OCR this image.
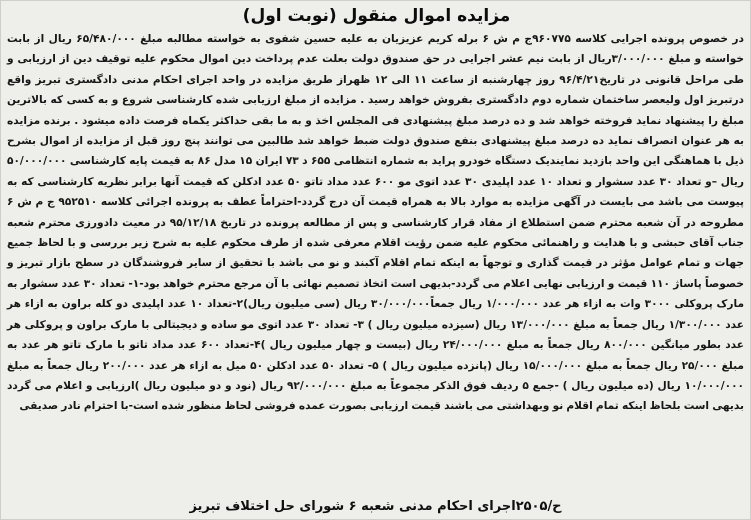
مزایده اموال منقول (نوبت اول)
در خصوص پرونده اجرایی کلاسه ۹۶۰۷۷۵ج م ش ۶ برله کریم عزیزیان به علیه حسین شفوی به خواسته مطالبه مبلغ ۶۵/۴۸۰/۰۰۰ ریال از بابت خواسته و مبلغ ۳/۰۰۰/۰۰۰ریال از بابت نیم عشر اجرایی در حق صندوق دولت بعلت عدم پرداخت دین اموال محکوم علیه توقیف دین از ارزیابی و طی مراحل قانونی در تاریخ۹۶/۴/۲۱ روز چهارشنبه از ساعت ۱۱ الی ۱۲ ظهراز طریق مزایده در واحد اجرای احکام مدنی دادگستری تبریز واقع درتبریز اول ولیعصر ساختمان شماره دوم دادگستری بفروش خواهد رسید . مزایده از مبلغ ارزیابی شده کارشناسی شروع و به کسی که بالاترین مبلغ را پیشنهاد نماید فروخته خواهد شد و ده درصد مبلغ پیشنهادی فی المجلس اخذ و به ما بقی حداکثر یکماه فرصت داده میشود . برنده مزایده به هر عنوان انصراف نماید ده درصد مبلغ پیشنهادی بنفع صندوق دولت ضبط خواهد شد طالبین می توانند پنج روز قبل از مزایده از اموال بشرح ذیل با هماهنگی این واحد بازدید نمایندیک دستگاه خودرو پراید به شماره انتظامی ۶۵۵ د ۷۳ ایران ۱۵ مدل ۸۶ به قیمت پایه کارشناسی ۵۰/۰۰۰/۰۰۰ ریال –و تعداد ۳۰ عدد سشوار و تعداد ۱۰ عدد اپلیدی ۳۰ عدد اتوی مو ۶۰۰ عدد مداد تاتو ۵۰ عدد ادکلن که قیمت آنها برابر نظریه کارشناسی که به پیوست می باشد می بایست در آگهی مزایده به موارد بالا به همراه قیمت آن درج گردد-احتراماً عطف به پرونده اجرائی کلاسه ۹۵۲۵۱۰ ج م ش ۶ مطروحه در آن شعبه محترم ضمن استطلاع از مفاد قرار کارشناسی و پس از مطالعه پرونده در تاریخ ۹۵/۱۲/۱۸ در معیت دادورزی محترم شعبه جناب آقای حبشی و با هدایت و راهنمائی محکوم علیه ضمن رؤیت اقلام معرفی شده از طرف محکوم علیه به شرح زیر بررسی و با لحاظ جمیع جهات و تمام عوامل مؤثر در قیمت گذاری و توجهاً به اینکه تمام اقلام آکبند و نو می باشد با تحقیق از سایر فروشندگان در سطح بازار تبریز و خصوصاً پاساژ ۱۱۰ قیمت و ارزیابی نهایی اعلام می گردد-بدیهی است اتخاذ تصمیم نهائی با آن مرجع محترم خواهد بود-۱- تعداد ۳۰ عدد سشوار به مارک پروکلی ۳۰۰۰ وات به ازاء هر عدد ۱/۰۰۰/۰۰۰ ریال جمعاً۳۰/۰۰۰/۰۰۰ ریال (سی میلیون ریال)۲-تعداد ۱۰ عدد اپلیدی دو کله براون به ازاء هر عدد ۱/۳۰۰/۰۰۰ ریال جمعاً به مبلغ ۱۳/۰۰۰/۰۰۰ ریال (سیزده میلیون ریال ) ۳- تعداد ۳۰ عدد اتوی مو ساده و دیجیتالی با مارک براون و پروکلی هر عدد بطور میانگین ۸۰۰/۰۰۰ ریال جمعاً به مبلغ ۲۴/۰۰۰/۰۰۰ ریال (بیست و چهار میلیون ریال )۴-تعداد ۶۰۰ عدد مداد تاتو با مارک تاتو هر عدد به مبلغ ۲۵/۰۰۰ ریال جمعاً به مبلغ ۱۵/۰۰۰/۰۰۰ ریال (پانزده میلیون ریال ) ۵- تعداد ۵۰ عدد ادکلن ۵۰ میل به ازاء هر عدد ۲۰۰/۰۰۰ ریال جمعاً به مبلغ ۱۰/۰۰۰/۰۰۰ ریال (ده میلیون ریال ) -جمع ۵ ردیف فوق الذکر مجموعاً به مبلغ ۹۲/۰۰۰/۰۰۰ ریال (نود و دو میلیون ریال )ارزیابی و اعلام می گردد بدیهی است بلحاظ اینکه تمام اقلام نو وبهداشتی می باشند قیمت ارزیابی بصورت عمده فروشی لحاظ منظور شده است-با احترام نادر صدیقی
ح/۲۵۰۵اجرای احکام مدنی شعبه ۶ شورای حل اختلاف تبریز
